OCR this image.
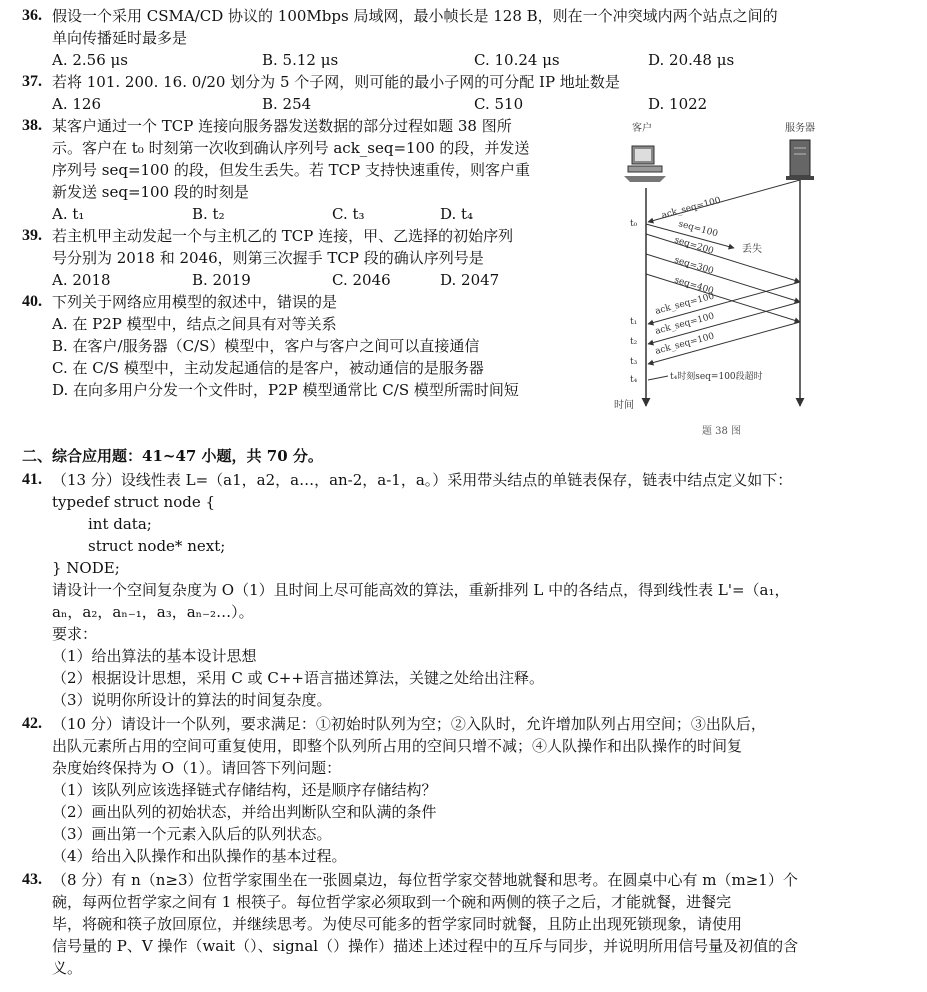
36. 假设一个采用 CSMA/CD 协议的 100Mbps 局域网，最小帧长是 128 B，则在一个冲突域内两个站点之间的
单向传播延时最多是
A. 2.56 μs	B. 5.12 μs	C. 10.24 μs	D. 20.48 μs
37. 若将 101. 200. 16. 0/20 划分为 5 个子网，则可能的最小子网的可分配 IP 地址数是
A. 126	B. 254	C. 510	D. 1022
38. 某客户通过一个 TCP 连接向服务器发送数据的部分过程如题 38 图所
示。客户在 t₀ 时刻第一次收到确认序列号 ack_seq=100 的段，并发送
序列号 seq=100 的段，但发生丢失。若 TCP 支持快速重传，则客户重
新发送 seq=100 段的时刻是
A. t₁	B. t₂	C. t₃	D. t₄
39. 若主机甲主动发起一个与主机乙的 TCP 连接，甲、乙选择的初始序列
号分别为 2018 和 2046，则第三次握手 TCP 段的确认序列号是
A. 2018	B. 2019	C. 2046	D. 2047
40. 下列关于网络应用模型的叙述中，错误的是
A. 在 P2P 模型中，结点之间具有对等关系
B. 在客户/服务器（C/S）模型中，客户与客户之间可以直接通信
C. 在 C/S 模型中，主动发起通信的是客户，被动通信的是服务器
D. 在向多用户分发一个文件时，P2P 模型通常比 C/S 模型所需时间短
客户	服务器
ack_seq=100
t₀
t₁
t₂
t₃
t₄
seq=100
丢失
seq=200
seq=300
seq=400
ack_seq=100
ack_seq=100
ack_seq=100
t₄时刻seq=100段超时
时间
题 38 图
二、综合应用题：41~47 小题，共 70 分。
41. （13 分）设线性表 L=（a1，a2，a…，an-2，a-1，a。）采用带头结点的单链表保存，链表中结点定义如下：
typedef struct node {
int data;
struct node* next;
} NODE;
请设计一个空间复杂度为 O（1）且时间上尽可能高效的算法，重新排列 L 中的各结点，得到线性表 L'=（a₁，
aₙ，a₂，aₙ₋₁，a₃，aₙ₋₂…）。
要求：
（1）给出算法的基本设计思想
（2）根据设计思想，采用 C 或 C++语言描述算法，关键之处给出注释。
（3）说明你所设计的算法的时间复杂度。
42. （10 分）请设计一个队列，要求满足：①初始时队列为空；②入队时，允许增加队列占用空间；③出队后，
出队元素所占用的空间可重复使用，即整个队列所占用的空间只增不减；④人队操作和出队操作的时间复
杂度始终保持为 O（1）。请回答下列问题：
（1）该队列应该选择链式存储结构，还是顺序存储结构？
（2）画出队列的初始状态，并给出判断队空和队满的条件
（3）画出第一个元素入队后的队列状态。
（4）给出入队操作和出队操作的基本过程。
43. （8 分）有 n（n≥3）位哲学家围坐在一张圆桌边，每位哲学家交替地就餐和思考。在圆桌中心有 m（m≥1）个
碗，每两位哲学家之间有 1 根筷子。每位哲学家必须取到一个碗和两侧的筷子之后，才能就餐，进餐完
毕，将碗和筷子放回原位，并继续思考。为使尽可能多的哲学家同时就餐，且防止出现死锁现象，请使用
信号量的 P、V 操作（wait（）、signal（）操作）描述上述过程中的互斥与同步，并说明所用信号量及初值的含
义。
